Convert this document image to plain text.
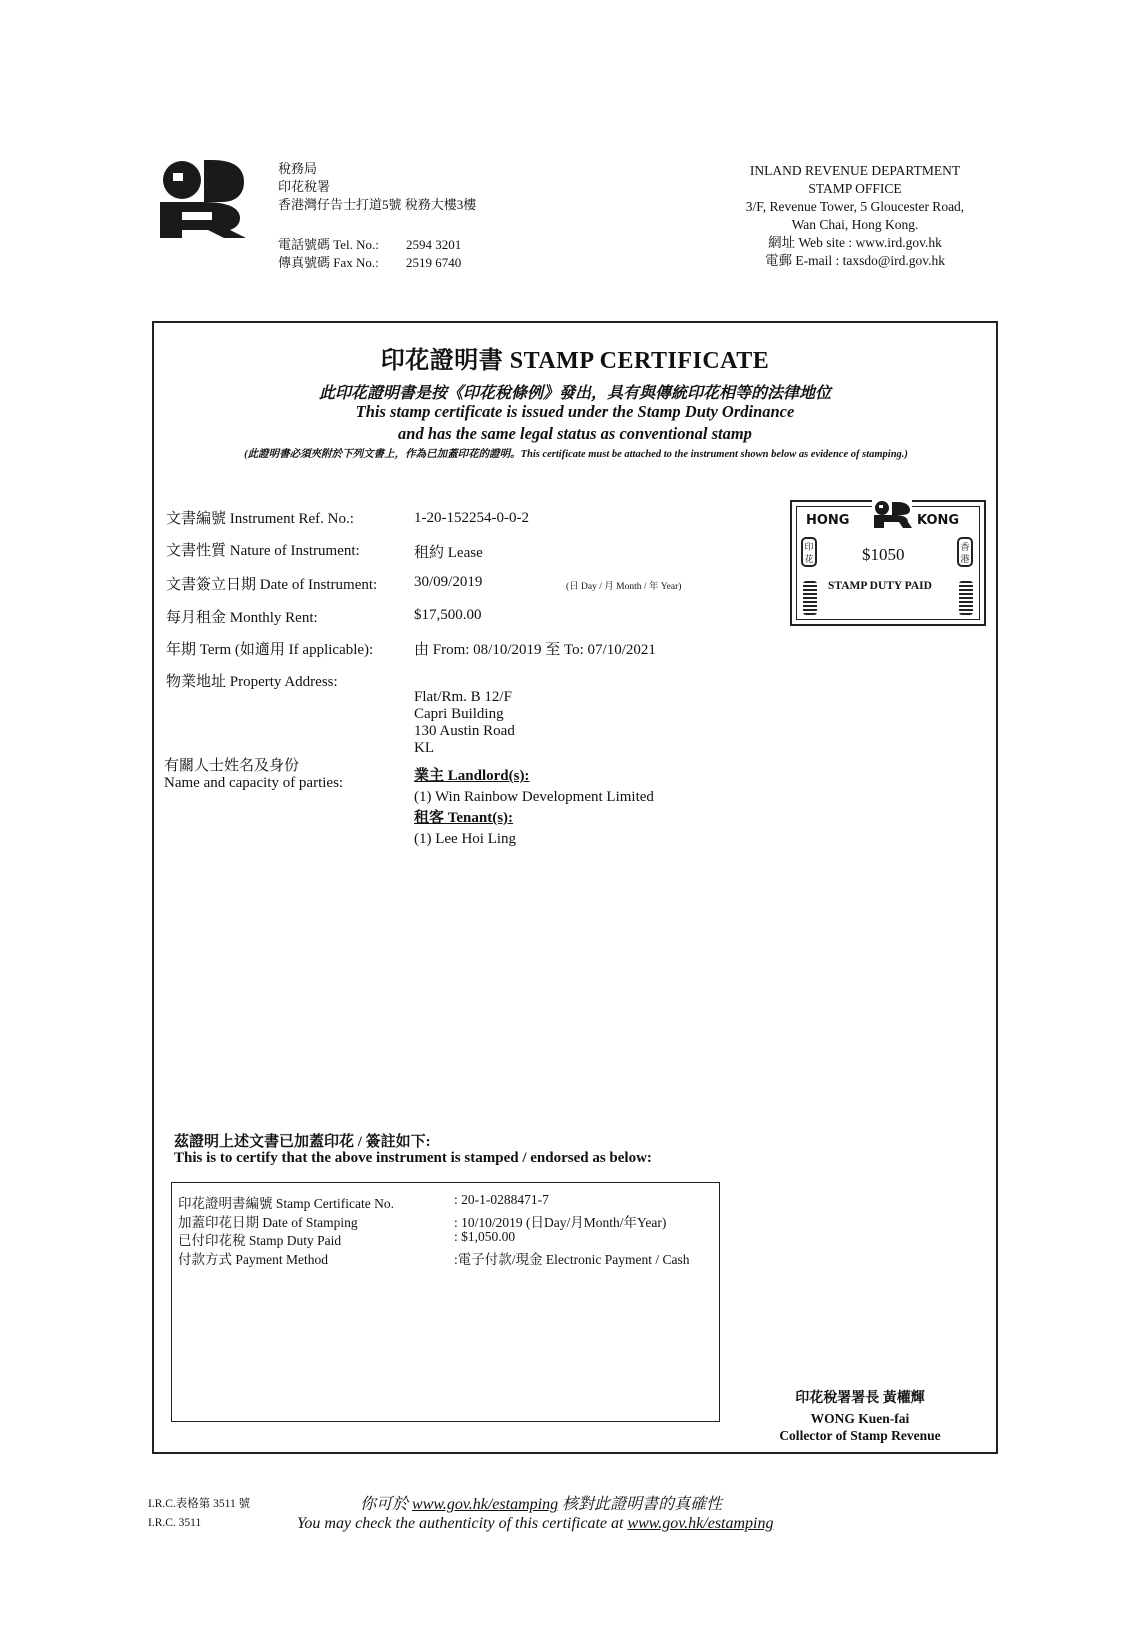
稅務局
印花稅署
香港灣仔告士打道5號 稅務大樓3樓
電話號碼 Tel. No.:	2594 3201
傳真號碼 Fax No.:	2519 6740
INLAND REVENUE DEPARTMENT
STAMP OFFICE
3/F, Revenue Tower, 5 Gloucester Road,
Wan Chai, Hong Kong.
網址 Web site : www.ird.gov.hk
電郵 E-mail : taxsdo@ird.gov.hk
印花證明書 STAMP CERTIFICATE
此印花證明書是按《印花稅條例》發出，具有與傳統印花相等的法律地位
This stamp certificate is issued under the Stamp Duty Ordinance
and has the same legal status as conventional stamp
(此證明書必須夾附於下列文書上，作為已加蓋印花的證明。This certificate must be attached to the instrument shown below as evidence of stamping.)
文書編號 Instrument Ref. No.:	1-20-152254-0-0-2
文書性質 Nature of Instrument:	租約 Lease
文書簽立日期 Date of Instrument: 30/09/2019	(日 Day / 月 Month / 年 Year)
每月租金 Monthly Rent:	$17,500.00
年期 Term (如適用 If applicable):	由 From: 08/10/2019 至 To: 07/10/2021
物業地址 Property Address:
Flat/Rm. B 12/F
Capri Building
130 Austin Road
KL
有關人士姓名及身份
Name and capacity of parties:	業主 Landlord(s):
(1) Win Rainbow Development Limited
租客 Tenant(s):
(1) Lee Hoi Ling
HONG	KONG
$1050
STAMP DUTY PAID
印花
香港
茲證明上述文書已加蓋印花 / 簽註如下:
This is to certify that the above instrument is stamped / endorsed as below:
印花證明書編號 Stamp Certificate No.	: 20-1-0288471-7
加蓋印花日期 Date of Stamping	: 10/10/2019 (日Day/月Month/年Year)
已付印花稅 Stamp Duty Paid	: $1,050.00
付款方式 Payment Method	:電子付款/現金 Electronic Payment / Cash
印花稅署署長 黃權輝
WONG Kuen-fai
Collector of Stamp Revenue
I.R.C.表格第 3511 號
I.R.C. 3511
你可於 www.gov.hk/estamping 核對此證明書的真確性
You may check the authenticity of this certificate at www.gov.hk/estamping
